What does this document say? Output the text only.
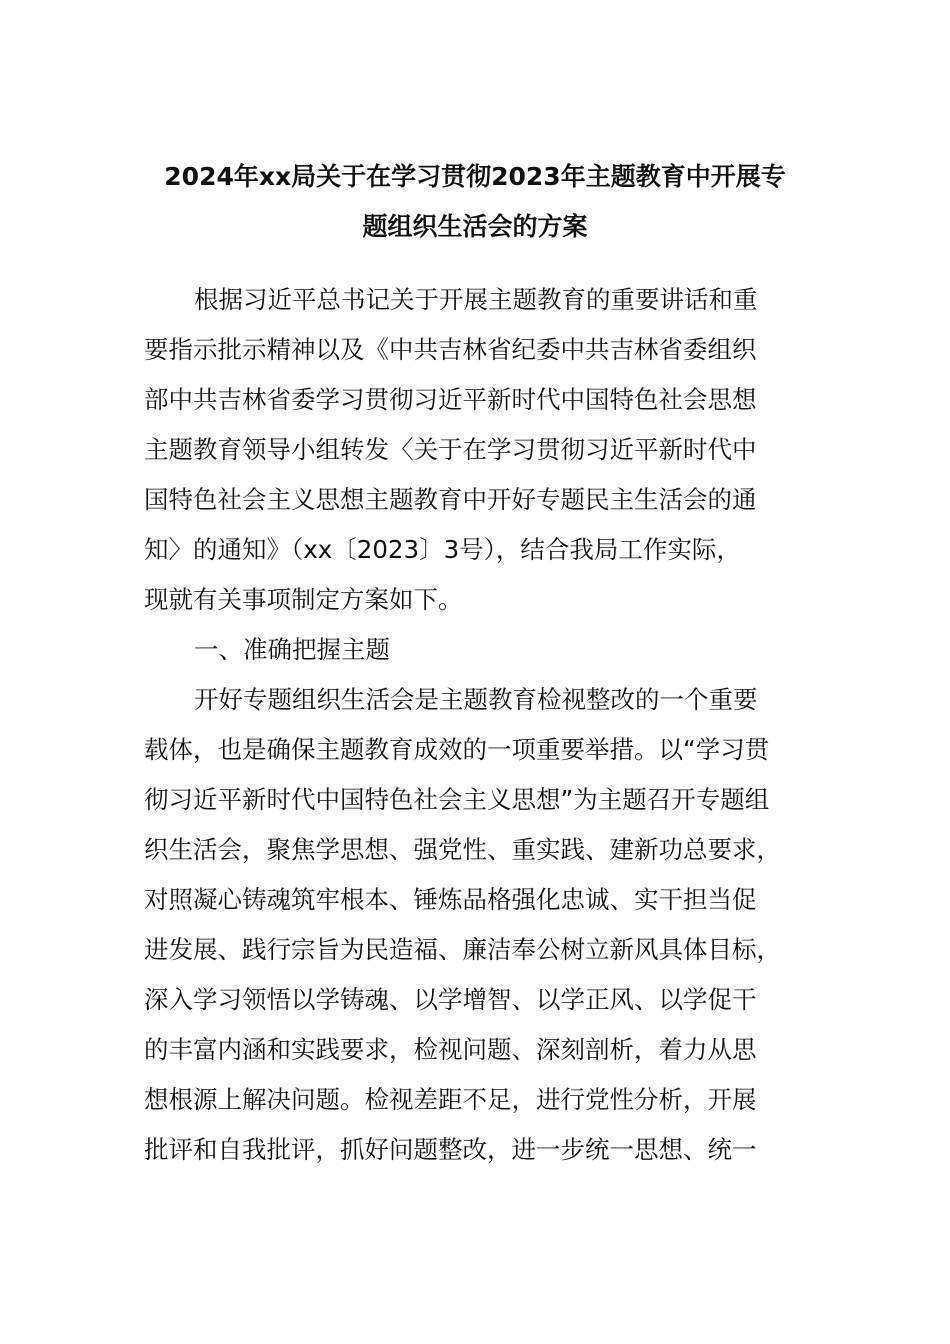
2024年xx局关于在学习贯彻2023年主题教育中开展专
题组织生活会的方案

根据习近平总书记关于开展主题教育的重要讲话和重
要指示批示精神以及《中共吉林省纪委中共吉林省委组织
部中共吉林省委学习贯彻习近平新时代中国特色社会思想
主题教育领导小组转发〈关于在学习贯彻习近平新时代中
国特色社会主义思想主题教育中开好专题民主生活会的通
知〉的通知》（xx〔2023〕3号），结合我局工作实际，
现就有关事项制定方案如下。

一、准确把握主题

开好专题组织生活会是主题教育检视整改的一个重要
载体，也是确保主题教育成效的一项重要举措。以“学习贯
彻习近平新时代中国特色社会主义思想”为主题召开专题组
织生活会，聚焦学思想、强党性、重实践、建新功总要求，
对照凝心铸魂筑牢根本、锤炼品格强化忠诚、实干担当促
进发展、践行宗旨为民造福、廉洁奉公树立新风具体目标，
深入学习领悟以学铸魂、以学增智、以学正风、以学促干
的丰富内涵和实践要求，检视问题、深刻剖析，着力从思
想根源上解决问题。检视差距不足，进行党性分析，开展
批评和自我批评，抓好问题整改，进一步统一思想、统一
